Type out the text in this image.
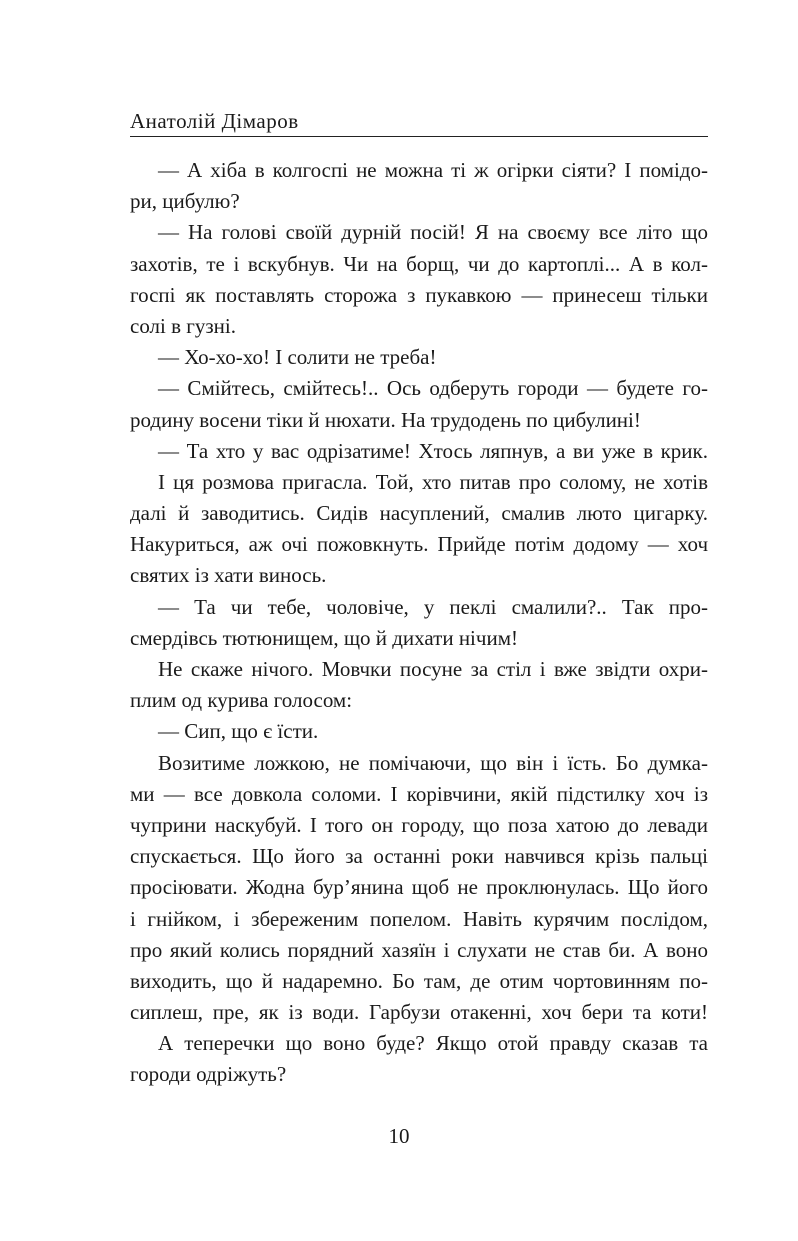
Анатолій Дімаров
— А хіба в колгоспі не можна ті ж огірки сіяти? І помідо-
ри, цибулю?
— На голові своїй дурній посій! Я на своєму все літо що
захотів, те і вскубнув. Чи на борщ, чи до картоплі... А в кол-
госпі як поставлять сторожа з пукавкою — принесеш тільки
солі в гузні.
— Хо-хо-хо! І солити не треба!
— Смійтесь, смійтесь!.. Ось одберуть городи — будете го-
родину восени тіки й нюхати. На трудодень по цибулині!
— Та хто у вас одрізатиме! Хтось ляпнув, а ви уже в крик.
І ця розмова пригасла. Той, хто питав про солому, не хотів
далі й заводитись. Сидів насуплений, смалив люто цигарку.
Накуриться, аж очі пожовкнуть. Прийде потім додому — хоч
святих із хати винось.
— Та чи тебе, чоловіче, у пеклі смалили?.. Так про-
смердівсь тютюнищем, що й дихати нічим!
Не скаже нічого. Мовчки посуне за стіл і вже звідти охри-
плим од курива голосом:
— Сип, що є їсти.
Возитиме ложкою, не помічаючи, що він і їсть. Бо думка-
ми — все довкола соломи. І корівчини, якій підстилку хоч із
чуприни наскубуй. І того он городу, що поза хатою до левади
спускається. Що його за останні роки навчився крізь пальці
просіювати. Жодна бур’янина щоб не проклюнулась. Що його
і гнійком, і збереженим попелом. Навіть курячим послідом,
про який колись порядний хазяїн і слухати не став би. А воно
виходить, що й надаремно. Бо там, де отим чортовинням по-
сиплеш, пре, як із води. Гарбузи отакенні, хоч бери та коти!
А теперечки що воно буде? Якщо отой правду сказав та
городи одріжуть?
10
